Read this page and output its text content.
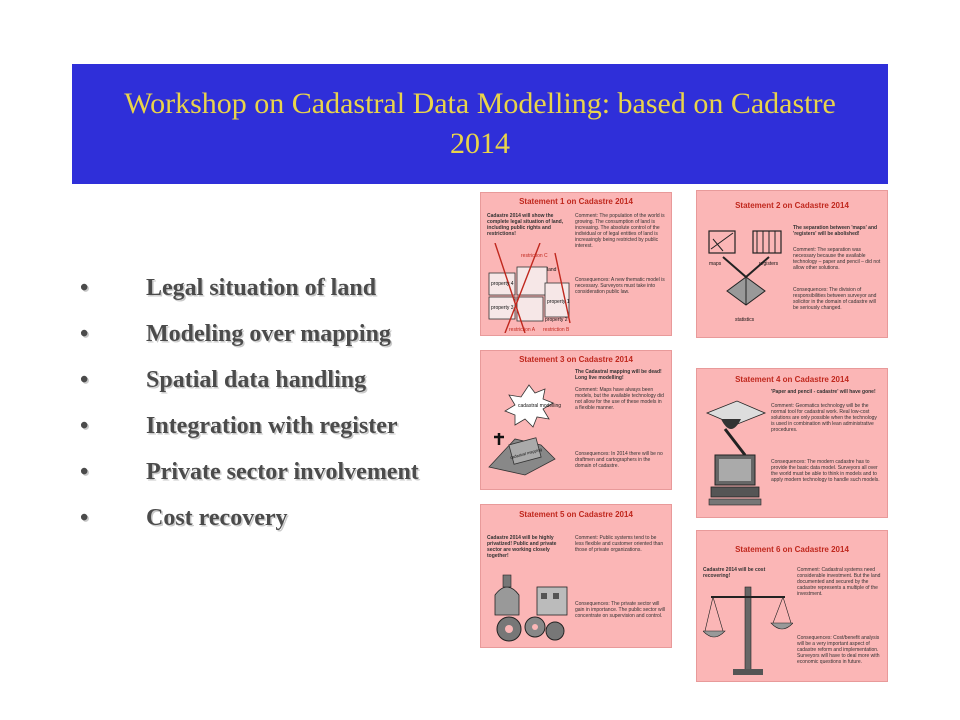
Workshop on Cadastral Data Modelling: based on Cadastre 2014
• Legal situation of land
• Modeling over mapping
• Spatial data handling
• Integration with register
• Private sector involvement
• Cost recovery
Statement 1 on Cadastre 2014
Cadastre 2014 will show the complete legal situation of land, including public rights and restrictions!
Comment: The population of the world is growing. The consumption of land is increasing. The absolute control of the individual or of legal entities of land is increasingly being restricted by public interest.
Consequences: A new thematic model is necessary. Surveyors must take into consideration public law.
restriction C
land
property 4
property 1
property 3
property 2
restriction A restriction B
Statement 2 on Cadastre 2014
The separation between 'maps' and 'registers' will be abolished!
Comment: The separation was necessary because the available technology – paper and pencil – did not allow other solutions.
Consequences: The division of responsibilities between surveyor and solicitor in the domain of cadastre will be seriously changed.
maps	registers
statistics
Statement 3 on Cadastre 2014
The Cadastral mapping will be dead! Long live modelling!
Comment: Maps have always been models, but the available technology did not allow for the use of these models in a flexible manner.
Consequences: In 2014 there will be no draftmen and cartographers in the domain of cadastre.
cadastral modelling
cadastral mapping
Statement 4 on Cadastre 2014
'Paper and pencil - cadastre' will have gone!
Comment: Geomatics technology will be the normal tool for cadastral work. Real low-cost solutions are only possible when the technology is used in combination with lean administrative procedures.
Consequences: The modern cadastre has to provide the basic data model. Surveyors all over the world must be able to think in models and to apply modern technology to handle such models.
Statement 5 on Cadastre 2014
Cadastre 2014 will be highly privatized! Public and private sector are working closely together!
Comment: Public systems tend to be less flexible and customer oriented than those of private organizations.
Consequences: The private sector will gain in importance. The public sector will concentrate on supervision and control.
Statement 6 on Cadastre 2014
Cadastre 2014 will be cost recovering!
Comment: Cadastral systems need considerable investment. But the land documented and secured by the cadastre represents a multiple of the investment.
Consequences: Cost/benefit analysis will be a very important aspect of cadastre reform and implementation. Surveyors will have to deal more with economic questions in future.
